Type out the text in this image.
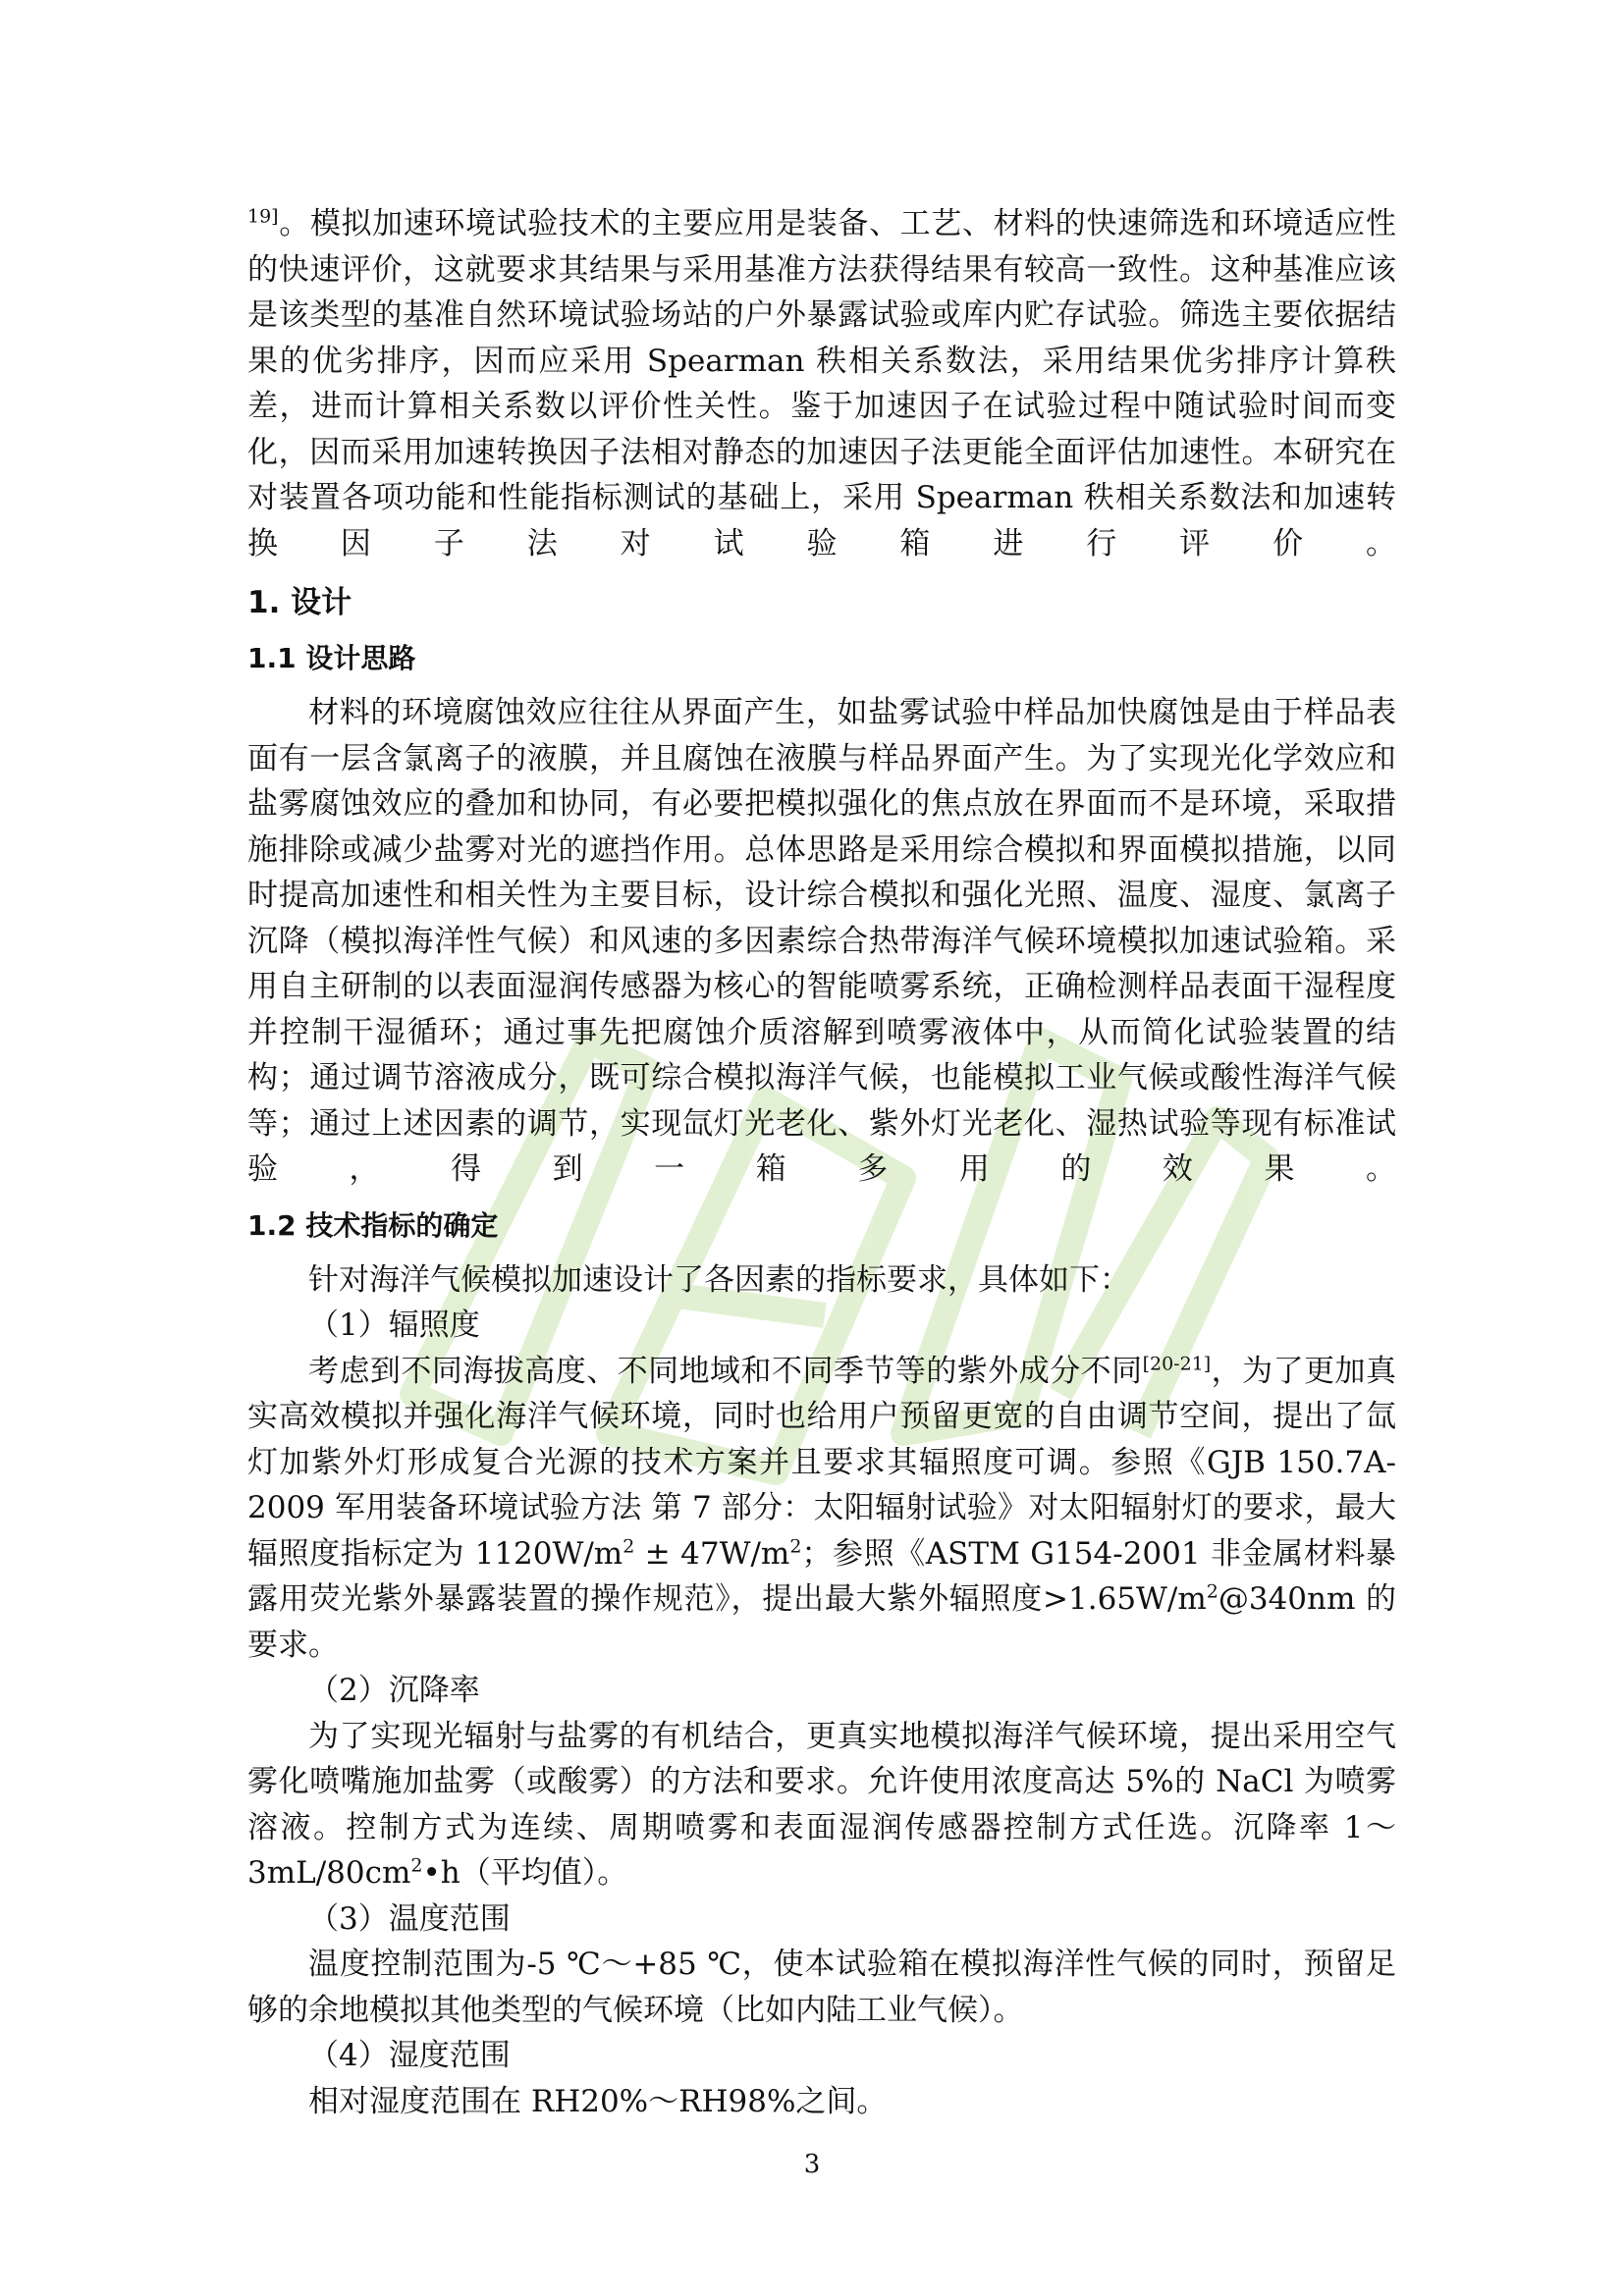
$^{19]}$。模拟加速环境试验技术的主要应用是装备、工艺、材料的快速筛选和环境适应性的快速评价，这就要求其结果与采用基准方法获得结果有较高一致性。这种基准应该是该类型的基准自然环境试验场站的户外暴露试验或库内贮存试验。筛选主要依据结果的优劣排序，因而应采用 Spearman 秩相关系数法，采用结果优劣排序计算秩差，进而计算相关系数以评价性关性。鉴于加速因子在试验过程中随试验时间而变化，因而采用加速转换因子法相对静态的加速因子法更能全面评估加速性。本研究在对装置各项功能和性能指标测试的基础上，采用 Spearman 秩相关系数法和加速转换因子法对试验箱进行评价。

1. 设计
1.1 设计思路

材料的环境腐蚀效应往往从界面产生，如盐雾试验中样品加快腐蚀是由于样品表面有一层含氯离子的液膜，并且腐蚀在液膜与样品界面产生。为了实现光化学效应和盐雾腐蚀效应的叠加和协同，有必要把模拟强化的焦点放在界面而不是环境，采取措施排除或减少盐雾对光的遮挡作用。总体思路是采用综合模拟和界面模拟措施，以同时提高加速性和相关性为主要目标，设计综合模拟和强化光照、温度、湿度、氯离子沉降（模拟海洋性气候）和风速的多因素综合热带海洋气候环境模拟加速试验箱。采用自主研制的以表面湿润传感器为核心的智能喷雾系统，正确检测样品表面干湿程度并控制干湿循环；通过事先把腐蚀介质溶解到喷雾液体中，从而简化试验装置的结构；通过调节溶液成分，既可综合模拟海洋气候，也能模拟工业气候或酸性海洋气候等；通过上述因素的调节，实现氙灯光老化、紫外灯光老化、湿热试验等现有标准试验，得到一箱多用的效果。

1.2 技术指标的确定

针对海洋气候模拟加速设计了各因素的指标要求，具体如下：

（1）辐照度

考虑到不同海拔高度、不同地域和不同季节等的紫外成分不同[20-21]，为了更加真实高效模拟并强化海洋气候环境，同时也给用户预留更宽的自由调节空间，提出了氙灯加紫外灯形成复合光源的技术方案并且要求其辐照度可调。参照《GJB 150.7A-2009 军用装备环境试验方法 第 7 部分：太阳辐射试验》对太阳辐射灯的要求，最大辐照度指标定为 $1120W/m^2 \pm 47W/m^2$；参照《ASTM G154-2001 非金属材料暴露用荧光紫外暴露装置的操作规范》，提出最大紫外辐照度$>1.65W/m^2@340nm$ 的要求。

（2）沉降率

为了实现光辐射与盐雾的有机结合，更真实地模拟海洋气候环境，提出采用空气雾化喷嘴施加盐雾（或酸雾）的方法和要求。允许使用浓度高达 5%的 NaCl 为喷雾溶液。控制方式为连续、周期喷雾和表面湿润传感器控制方式任选。沉降率 $1\sim 3mL/80cm^2•h$（平均值）。

（3）温度范围

温度控制范围为-5 ℃～+85 ℃，使本试验箱在模拟海洋性气候的同时，预留足够的余地模拟其他类型的气候环境（比如内陆工业气候）。

（4）湿度范围

相对湿度范围在 RH20%～RH98%之间。

3
